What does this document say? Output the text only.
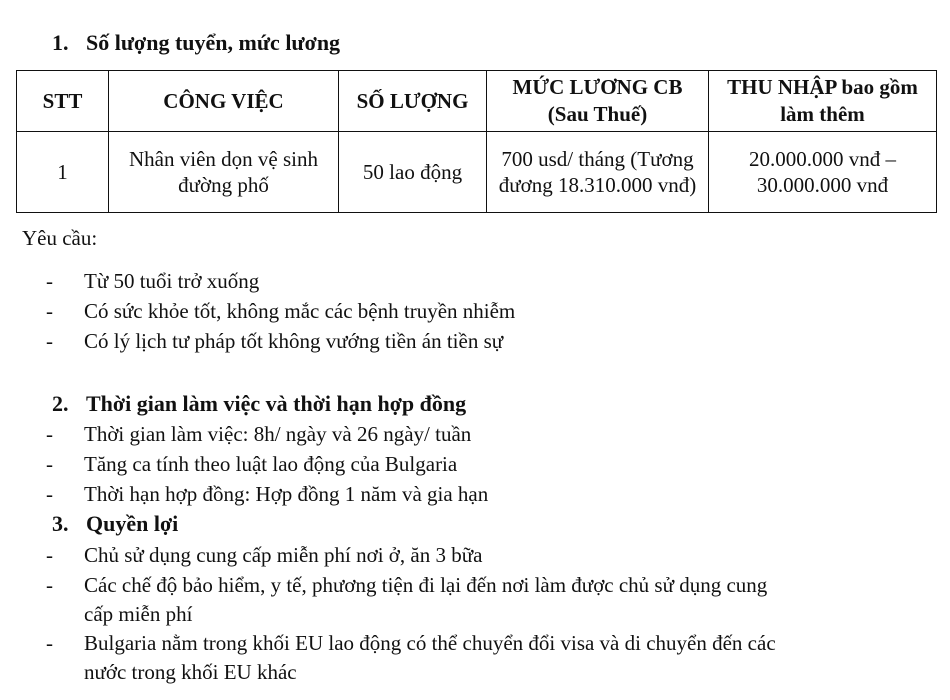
1. Số lượng tuyển, mức lương
STT	CÔNG VIỆC	SỐ LƯỢNG	MỨC LƯƠNG CB (Sau Thuế)	THU NHẬP bao gồm làm thêm
1	Nhân viên dọn vệ sinh đường phố	50 lao động	700 usd/ tháng (Tương đương 18.310.000 vnđ)	20.000.000 vnđ – 30.000.000 vnđ
Yêu cầu:
- Từ 50 tuổi trở xuống
- Có sức khỏe tốt, không mắc các bệnh truyền nhiễm
- Có lý lịch tư pháp tốt không vướng tiền án tiền sự
2. Thời gian làm việc và thời hạn hợp đồng
- Thời gian làm việc: 8h/ ngày và 26 ngày/ tuần
- Tăng ca tính theo luật lao động của Bulgaria
- Thời hạn hợp đồng: Hợp đồng 1 năm và gia hạn
3. Quyền lợi
- Chủ sử dụng cung cấp miễn phí nơi ở, ăn 3 bữa
- Các chế độ bảo hiểm, y tế, phương tiện đi lại đến nơi làm được chủ sử dụng cung
cấp miễn phí
- Bulgaria nằm trong khối EU lao động có thể chuyển đổi visa và di chuyển đến các
nước trong khối EU khác
